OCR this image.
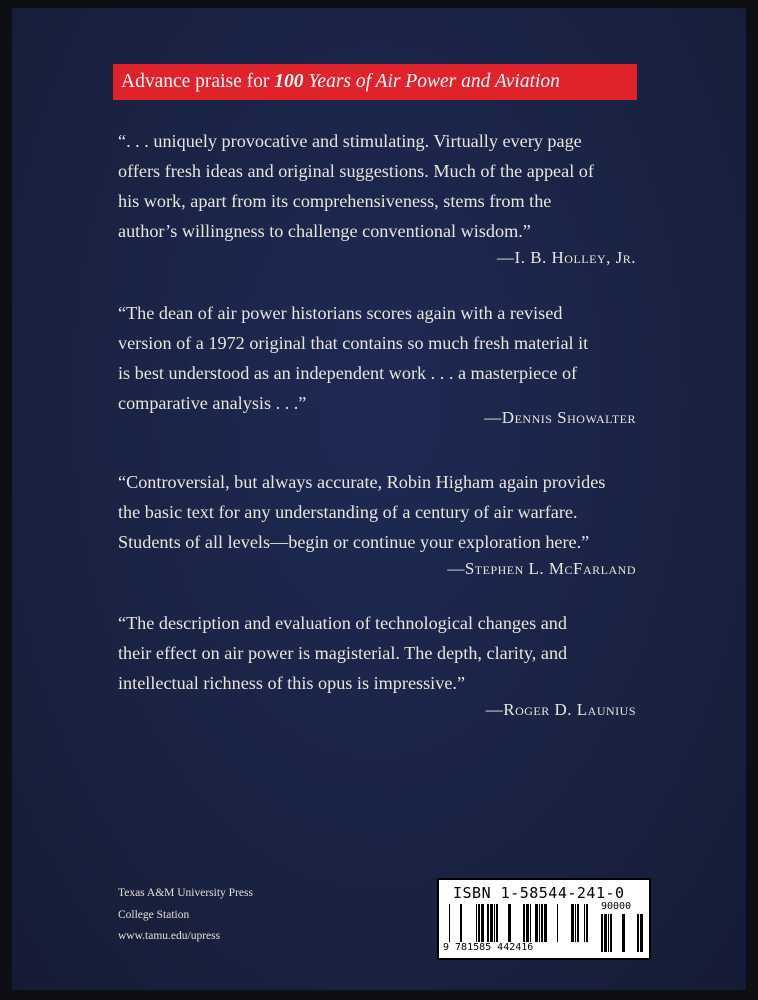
Advance praise for 100 Years of Air Power and Aviation
“. . . uniquely provocative and stimulating. Virtually every page
offers fresh ideas and original suggestions. Much of the appeal of
his work, apart from its comprehensiveness, stems from the
author’s willingness to challenge conventional wisdom.”
—I. B. Holley, Jr.
“The dean of air power historians scores again with a revised
version of a 1972 original that contains so much fresh material it
is best understood as an independent work . . . a masterpiece of
comparative analysis . . .”
—Dennis Showalter
“Controversial, but always accurate, Robin Higham again provides
the basic text for any understanding of a century of air warfare.
Students of all levels—begin or continue your exploration here.”
—Stephen L. McFarland
“The description and evaluation of technological changes and
their effect on air power is magisterial. The depth, clarity, and
intellectual richness of this opus is impressive.”
—Roger D. Launius
Texas A&M University Press
College Station
www.tamu.edu/upress
ISBN 1-58544-241-0
9 781585 442416
90000
